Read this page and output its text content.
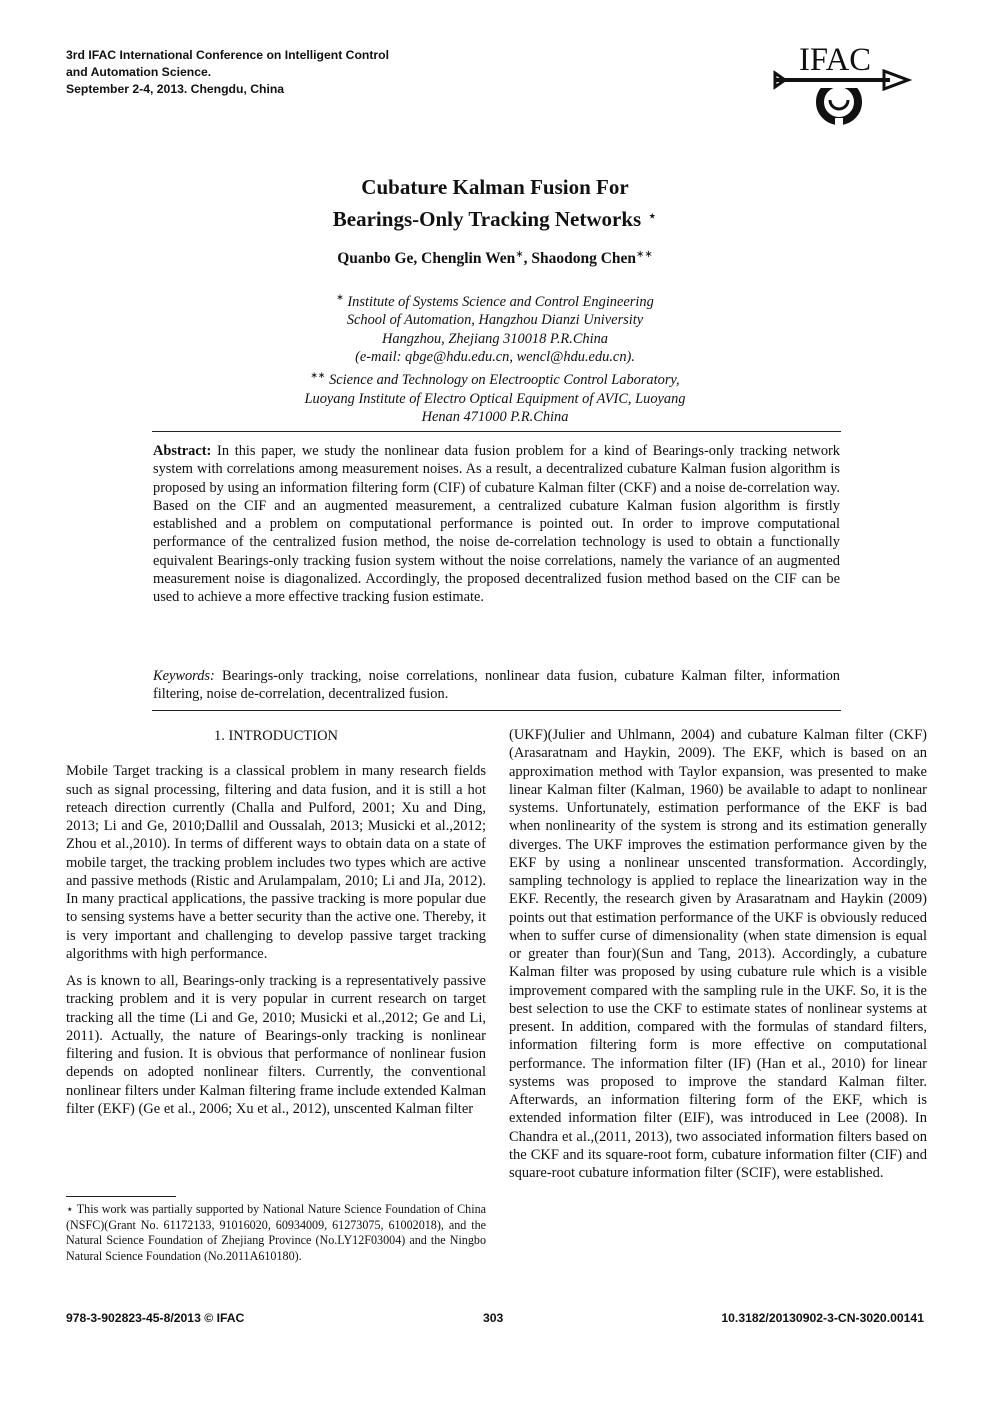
3rd IFAC International Conference on Intelligent Control
and Automation Science.
September 2-4, 2013. Chengdu, China
IFAC
Cubature Kalman Fusion For
Bearings-Only Tracking Networks ⋆
Quanbo Ge, Chenglin Wen∗, Shaodong Chen∗∗
∗ Institute of Systems Science and Control Engineering
School of Automation, Hangzhou Dianzi University
Hangzhou, Zhejiang 310018 P.R.China
(e-mail: qbge@hdu.edu.cn, wencl@hdu.edu.cn).
∗∗ Science and Technology on Electrooptic Control Laboratory,
Luoyang Institute of Electro Optical Equipment of AVIC, Luoyang
Henan 471000 P.R.China
Abstract: In this paper, we study the nonlinear data fusion problem for a kind of Bearings-only tracking network system with correlations among measurement noises. As a result, a decentralized cubature Kalman fusion algorithm is proposed by using an information filtering form (CIF) of cubature Kalman filter (CKF) and a noise de-correlation way. Based on the CIF and an augmented measurement, a centralized cubature Kalman fusion algorithm is firstly established and a problem on computational performance is pointed out. In order to improve computational performance of the centralized fusion method, the noise de-correlation technology is used to obtain a functionally equivalent Bearings-only tracking fusion system without the noise correlations, namely the variance of an augmented measurement noise is diagonalized. Accordingly, the proposed decentralized fusion method based on the CIF can be used to achieve a more effective tracking fusion estimate.
Keywords: Bearings-only tracking, noise correlations, nonlinear data fusion, cubature Kalman filter, information filtering, noise de-correlation, decentralized fusion.
1. INTRODUCTION

Mobile Target tracking is a classical problem in many research fields such as signal processing, filtering and data fusion, and it is still a hot reteach direction currently (Challa and Pulford, 2001; Xu and Ding, 2013; Li and Ge, 2010;Dallil and Oussalah, 2013; Musicki et al.,2012; Zhou et al.,2010). In terms of different ways to obtain data on a state of mobile target, the tracking problem includes two types which are active and passive methods (Ristic and Arulampalam, 2010; Li and JIa, 2012). In many practical applications, the passive tracking is more popular due to sensing systems have a better security than the active one. Thereby, it is very important and challenging to develop passive target tracking algorithms with high performance.

As is known to all, Bearings-only tracking is a representatively passive tracking problem and it is very popular in current research on target tracking all the time (Li and Ge, 2010; Musicki et al.,2012; Ge and Li, 2011). Actually, the nature of Bearings-only tracking is nonlinear filtering and fusion. It is obvious that performance of nonlinear fusion depends on adopted nonlinear filters. Currently, the conventional nonlinear filters under Kalman filtering frame include extended Kalman filter (EKF) (Ge et al., 2006; Xu et al., 2012), unscented Kalman filter

(UKF)(Julier and Uhlmann, 2004) and cubature Kalman filter (CKF)(Arasaratnam and Haykin, 2009). The EKF, which is based on an approximation method with Taylor expansion, was presented to make linear Kalman filter (Kalman, 1960) be available to adapt to nonlinear systems. Unfortunately, estimation performance of the EKF is bad when nonlinearity of the system is strong and its estimation generally diverges. The UKF improves the estimation performance given by the EKF by using a nonlinear unscented transformation. Accordingly, sampling technology is applied to replace the linearization way in the EKF. Recently, the research given by Arasaratnam and Haykin (2009) points out that estimation performance of the UKF is obviously reduced when to suffer curse of dimensionality (when state dimension is equal or greater than four)(Sun and Tang, 2013). Accordingly, a cubature Kalman filter was proposed by using cubature rule which is a visible improvement compared with the sampling rule in the UKF. So, it is the best selection to use the CKF to estimate states of nonlinear systems at present. In addition, compared with the formulas of standard filters, information filtering form is more effective on computational performance. The information filter (IF) (Han et al., 2010) for linear systems was proposed to improve the standard Kalman filter. Afterwards, an information filtering form of the EKF, which is extended information filter (EIF), was introduced in Lee (2008). In Chandra et al.,(2011, 2013), two associated information filters based on the CKF and its square-root form, cubature information filter (CIF) and square-root cubature information filter (SCIF), were established.

⋆ This work was partially supported by National Nature Science Foundation of China (NSFC)(Grant No. 61172133, 91016020, 60934009, 61273075, 61002018), and the Natural Science Foundation of Zhejiang Province (No.LY12F03004) and the Ningbo Natural Science Foundation (No.2011A610180).
978-3-902823-45-8/2013 © IFAC	303	10.3182/20130902-3-CN-3020.00141
